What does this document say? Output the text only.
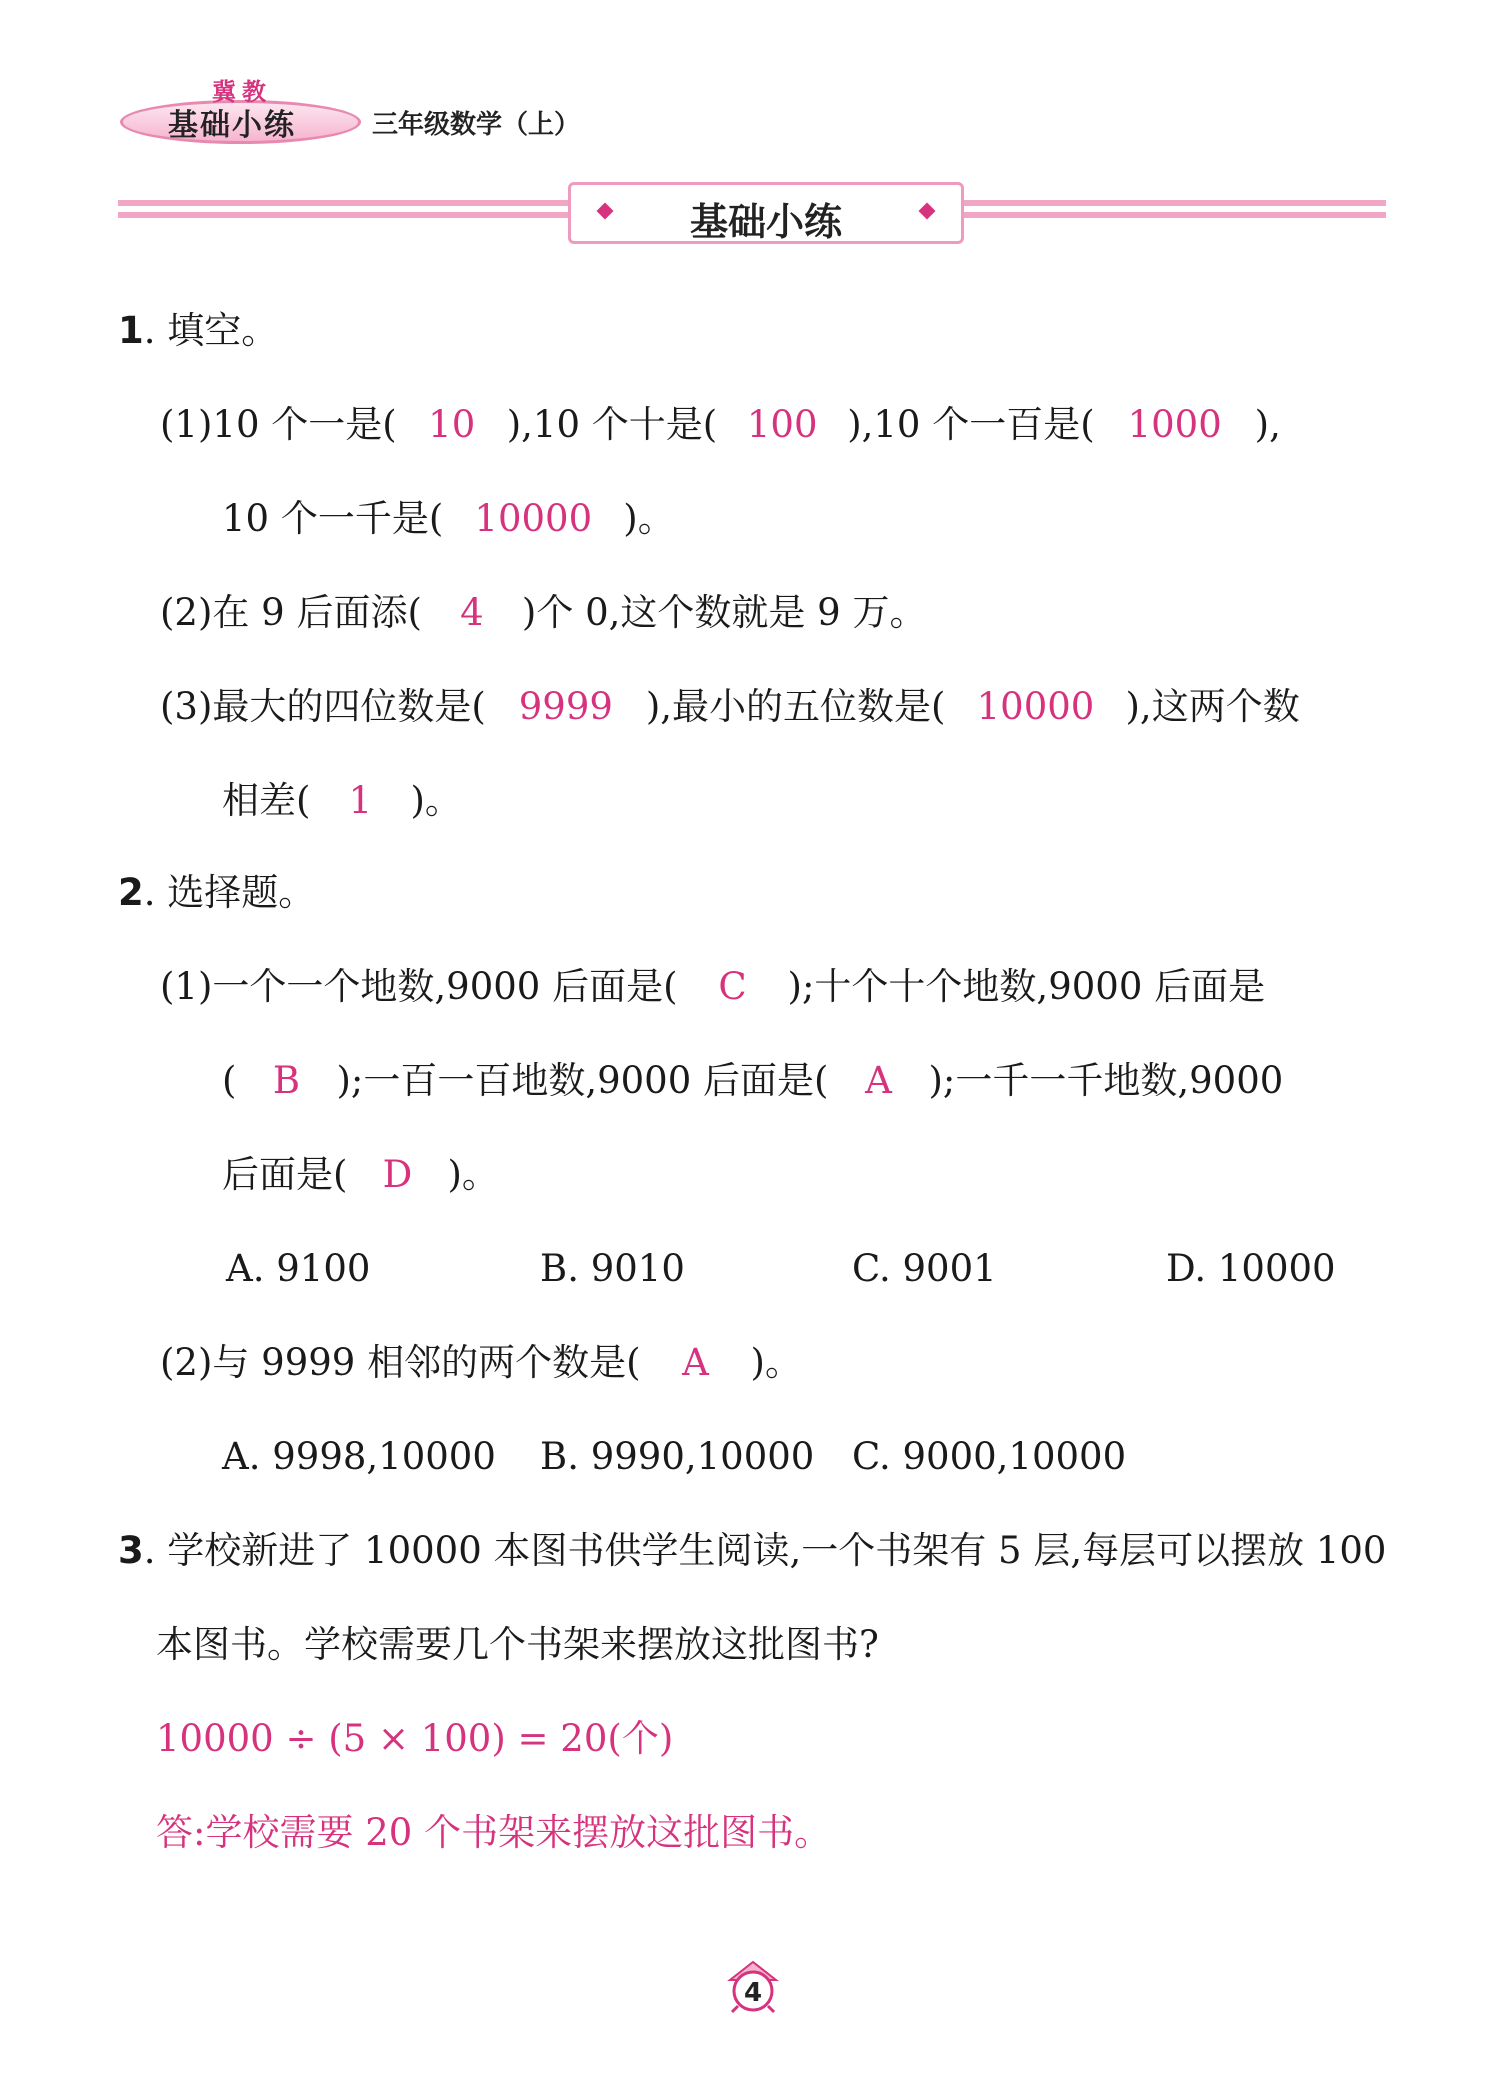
冀教
基础小练	三年级数学（上）
基础小练
1. 填空。
(1)10 个一是( 10 ),10 个十是( 100 ),10 个一百是( 1000 ),
10 个一千是( 10000 )。
(2)在 9 后面添( 4 )个 0,这个数就是 9 万。
(3)最大的四位数是( 9999 ),最小的五位数是( 10000 ),这两个数
相差( 1 )。
2. 选择题。
(1)一个一个地数,9000 后面是( C );十个十个地数,9000 后面是
( B );一百一百地数,9000 后面是( A );一千一千地数,9000
后面是( D )。
A. 9100	B. 9010	C. 9001	D. 10000
(2)与 9999 相邻的两个数是( A )。
A. 9998,10000 B. 9990,10000 C. 9000,10000
3. 学校新进了 10000 本图书供学生阅读,一个书架有 5 层,每层可以摆放 100
本图书。学校需要几个书架来摆放这批图书?
10000 ÷ (5 × 100) = 20(个)
答:学校需要 20 个书架来摆放这批图书。
4
